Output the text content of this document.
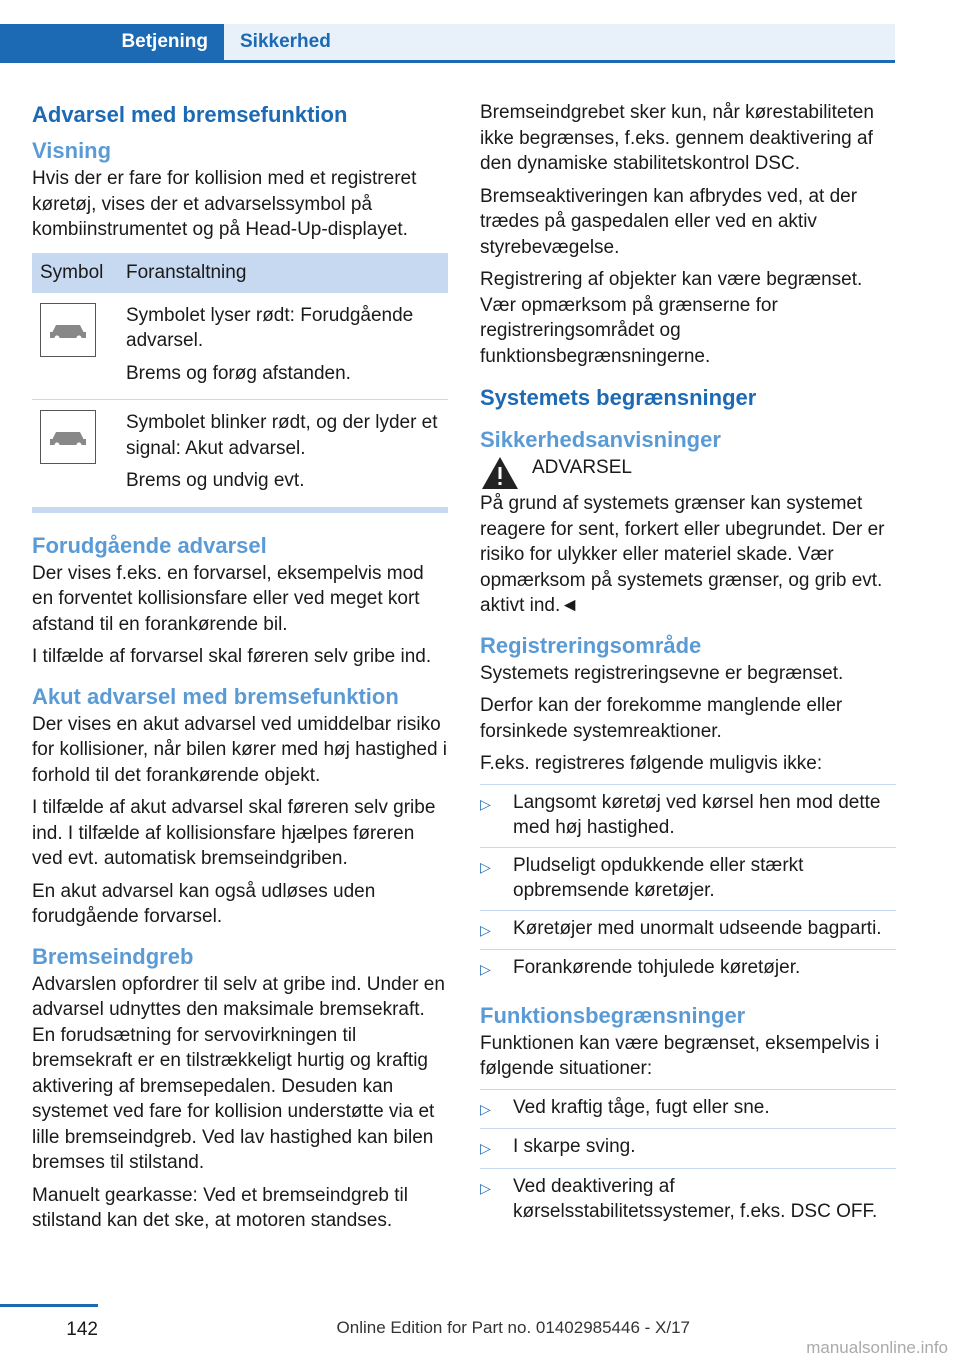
Betjening	Sikkerhed
Advarsel med bremsefunktion
Visning

Hvis der er fare for kollision med et registreret køretøj, vises der et advarselssymbol på kombiinstrumentet og på Head-Up-displayet.

Symbol	Foranstaltning

Symbolet lyser rødt: Forudgående advarsel.

Brems og forøg afstanden.

Symbolet blinker rødt, og der lyder et signal: Akut advarsel.

Brems og undvig evt.

Forudgående advarsel

Der vises f.eks. en forvarsel, eksempelvis mod en forventet kollisionsfare eller ved meget kort afstand til en forankørende bil.

I tilfælde af forvarsel skal føreren selv gribe ind.

Akut advarsel med bremsefunktion

Der vises en akut advarsel ved umiddelbar risiko for kollisioner, når bilen kører med høj hastighed i forhold til det forankørende objekt.

I tilfælde af akut advarsel skal føreren selv gribe ind. I tilfælde af kollisionsfare hjælpes føreren ved evt. automatisk bremseindgriben.

En akut advarsel kan også udløses uden forudgående forvarsel.

Bremseindgreb

Advarslen opfordrer til selv at gribe ind. Under en advarsel udnyttes den maksimale bremsekraft. En forudsætning for servovirkningen til bremsekraft er en tilstrækkeligt hurtig og kraftig aktivering af bremsepedalen. Desuden kan systemet ved fare for kollision understøtte via et lille bremseindgreb. Ved lav hastighed kan bilen bremses til stilstand.

Manuelt gearkasse: Ved et bremseindgreb til stilstand kan det ske, at motoren standses.

Bremseindgrebet sker kun, når kørestabiliteten ikke begrænses, f.eks. gennem deaktivering af den dynamiske stabilitetskontrol DSC.

Bremseaktiveringen kan afbrydes ved, at der trædes på gaspedalen eller ved en aktiv styrebevægelse.

Registrering af objekter kan være begrænset. Vær opmærksom på grænserne for registreringsområdet og funktionsbegrænsningerne.

Systemets begrænsninger
Sikkerhedsanvisninger

ADVARSEL

På grund af systemets grænser kan systemet reagere for sent, forkert eller ubegrundet. Der er risiko for ulykker eller materiel skade. Vær opmærksom på systemets grænser, og grib evt. aktivt ind.◄

Registreringsområde

Systemets registreringsevne er begrænset.

Derfor kan der forekomme manglende eller forsinkede systemreaktioner.

F.eks. registreres følgende muligvis ikke:

▷	Langsomt køretøj ved kørsel hen mod dette med høj hastighed.
▷	Pludseligt opdukkende eller stærkt opbremsende køretøjer.
▷	Køretøjer med unormalt udseende bagparti.
▷	Forankørende tohjulede køretøjer.
Funktionsbegrænsninger

Funktionen kan være begrænset, eksempelvis i følgende situationer:

▷	Ved kraftig tåge, fugt eller sne.
▷	I skarpe sving.
▷	Ved deaktivering af kørselsstabilitetssystemer, f.eks. DSC OFF.
142	Online Edition for Part no. 01402985446 - X/17
manualsonline.info
